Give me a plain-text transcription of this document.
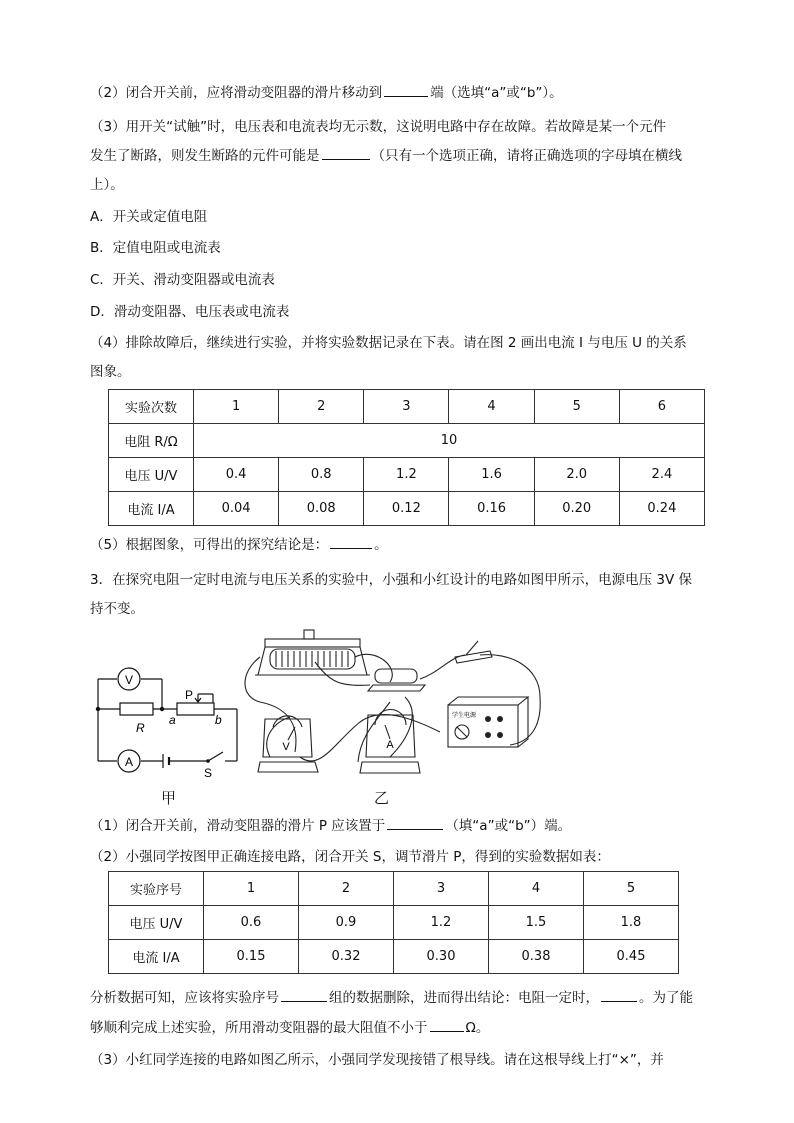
（2）闭合开关前，应将滑动变阻器的滑片移动到	端（选填“a”或“b”）。
（3）用开关“试触”时，电压表和电流表均无示数，这说明电路中存在故障。若故障是某一个元件
发生了断路，则发生断路的元件可能是	（只有一个选项正确，请将正确选项的字母填在横线
上）。
A．开关或定值电阻
B．定值电阻或电流表
C．开关、滑动变阻器或电流表
D．滑动变阻器、电压表或电流表
（4）排除故障后，继续进行实验，并将实验数据记录在下表。请在图 2 画出电流 I 与电压 U 的关系
图象。
实验次数	1	2	3	4	5	6
电阻 R/Ω	10					
电压 U/V	0.4	0.8	1.2	1.6	2.0	2.4
电流 I/A	0.04	0.08	0.12	0.16	0.20	0.24
（5）根据图象，可得出的探究结论是：	。
3．在探究电阻一定时电流与电压关系的实验中，小强和小红设计的电路如图甲所示，电源电压 3V 保
持不变。
V
A
R
P
a	b
S
甲
V	A
学生电源
乙
（1）闭合开关前，滑动变阻器的滑片 P 应该置于	（填“a”或“b”）端。
（2）小强同学按图甲正确连接电路，闭合开关 S，调节滑片 P，得到的实验数据如表：
实验序号	1	2	3	4	5
电压 U/V	0.6	0.9	1.2	1.5	1.8
电流 I/A	0.15	0.32	0.30	0.38	0.45
分析数据可知，应该将实验序号	组的数据删除，进而得出结论：电阻一定时，	。为了能
够顺利完成上述实验，所用滑动变阻器的最大阻值不小于	Ω。
（3）小红同学连接的电路如图乙所示，小强同学发现接错了根导线。请在这根导线上打“×”，并
